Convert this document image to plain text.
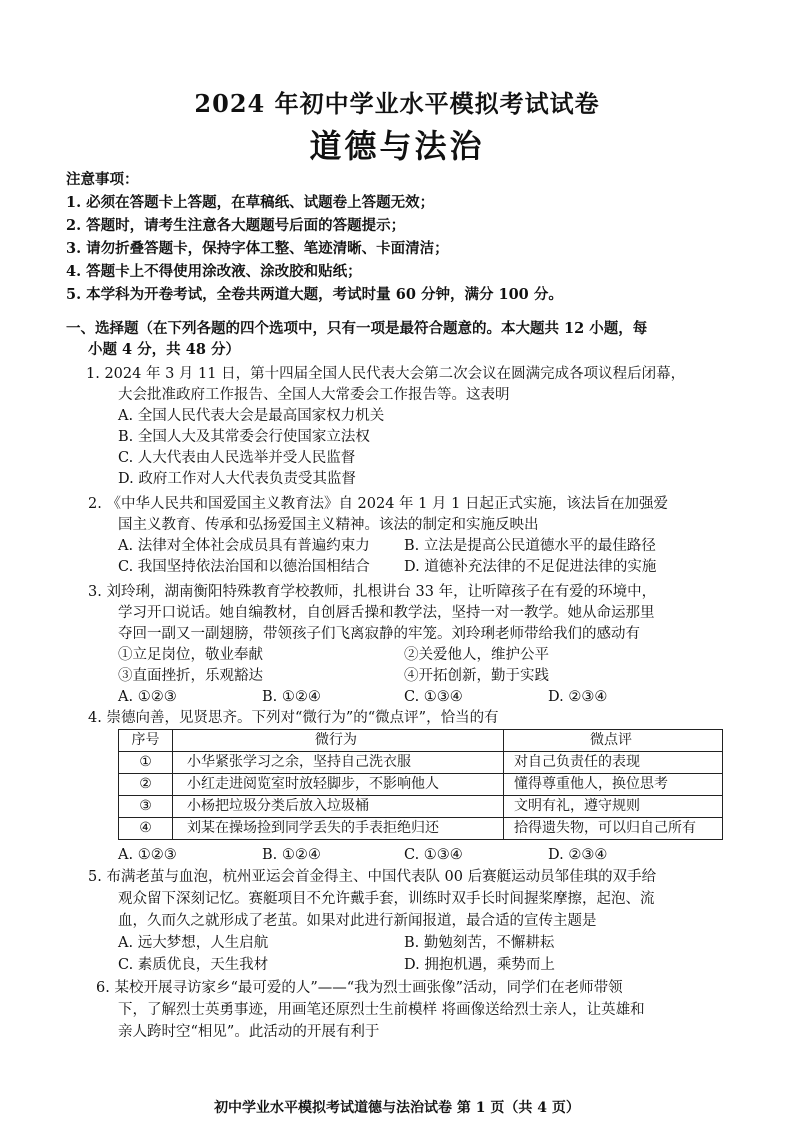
2024 年初中学业水平模拟考试试卷
道德与法治
注意事项：
1. 必须在答题卡上答题，在草稿纸、试题卷上答题无效；
2. 答题时，请考生注意各大题题号后面的答题提示；
3. 请勿折叠答题卡，保持字体工整、笔迹清晰、卡面清洁；
4. 答题卡上不得使用涂改液、涂改胶和贴纸；
5. 本学科为开卷考试，全卷共两道大题，考试时量 60 分钟，满分 100 分。
一、选择题（在下列各题的四个选项中，只有一项是最符合题意的。本大题共 12 小题，每
小题 4 分，共 48 分）
1. 2024 年 3 月 11 日，第十四届全国人民代表大会第二次会议在圆满完成各项议程后闭幕，
大会批准政府工作报告、全国人大常委会工作报告等。这表明
A. 全国人民代表大会是最高国家权力机关
B. 全国人大及其常委会行使国家立法权
C. 人大代表由人民选举并受人民监督
D. 政府工作对人大代表负责受其监督
2. 《中华人民共和国爱国主义教育法》自 2024 年 1 月 1 日起正式实施，该法旨在加强爱
国主义教育、传承和弘扬爱国主义精神。该法的制定和实施反映出
A. 法律对全体社会成员具有普遍约束力 B. 立法是提高公民道德水平的最佳路径
C. 我国坚持依法治国和以德治国相结合 D. 道德补充法律的不足促进法律的实施
3. 刘玲琍，湖南衡阳特殊教育学校教师，扎根讲台 33 年，让听障孩子在有爱的环境中，
学习开口说话。她自编教材，自创唇舌操和教学法，坚持一对一教学。她从命运那里
夺回一副又一副翅膀，带领孩子们飞离寂静的牢笼。刘玲琍老师带给我们的感动有
①立足岗位，敬业奉献	②关爱他人，维护公平
③直面挫折，乐观豁达	④开拓创新，勤于实践
A. ①②③	B. ①②④	C. ①③④	D. ②③④
4. 崇德向善，见贤思齐。下列对“微行为”的“微点评”，恰当的有
序号	微行为	微点评
①	小华紧张学习之余，坚持自己洗衣服	对自己负责任的表现
②	小红走进阅览室时放轻脚步，不影响他人	懂得尊重他人，换位思考
③	小杨把垃圾分类后放入垃圾桶	文明有礼，遵守规则
④	刘某在操场捡到同学丢失的手表拒绝归还	拾得遗失物，可以归自己所有
A. ①②③	B. ①②④	C. ①③④	D. ②③④
5. 布满老茧与血泡，杭州亚运会首金得主、中国代表队 00 后赛艇运动员邹佳琪的双手给
观众留下深刻记忆。赛艇项目不允许戴手套，训练时双手长时间握桨摩擦，起泡、流
血，久而久之就形成了老茧。如果对此进行新闻报道，最合适的宣传主题是
A. 远大梦想，人生启航	B. 勤勉刻苦，不懈耕耘
C. 素质优良，天生我材	D. 拥抱机遇，乘势而上
6. 某校开展寻访家乡“最可爱的人”——“我为烈士画张像”活动，同学们在老师带领
下，了解烈士英勇事迹，用画笔还原烈士生前模样 将画像送给烈士亲人，让英雄和
亲人跨时空“相见”。此活动的开展有利于
初中学业水平模拟考试道德与法治试卷 第 1 页（共 4 页）
